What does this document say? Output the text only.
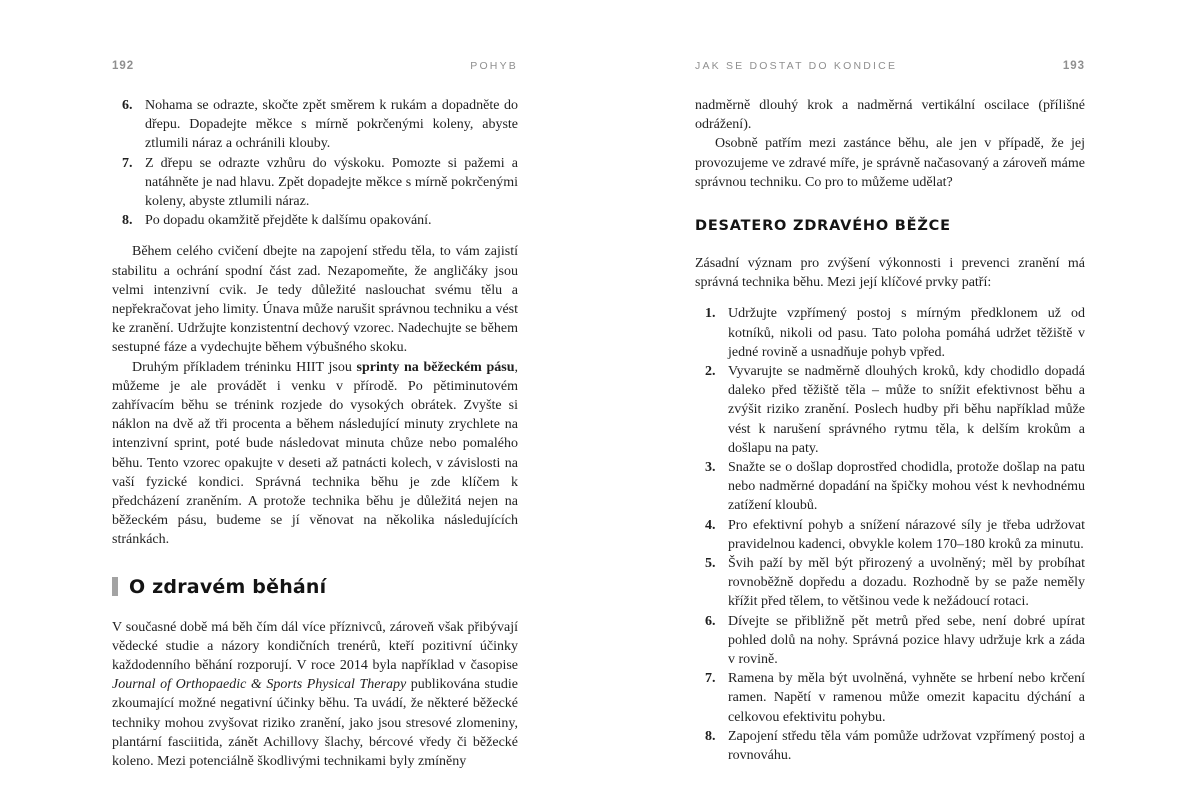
192	POHYB
6. Nohama se odrazte, skočte zpět směrem k rukám a dopadněte do dřepu. Dopadejte měkce s mírně pokrčenými koleny, abyste ztlumili náraz a ochránili klouby.
7. Z dřepu se odrazte vzhůru do výskoku. Pomozte si pažemi a natáhněte je nad hlavu. Zpět dopadejte měkce s mírně pokrčenými koleny, abyste ztlumili náraz.
8. Po dopadu okamžitě přejděte k dalšímu opakování.

Během celého cvičení dbejte na zapojení středu těla, to vám zajistí stabilitu a ochrání spodní část zad. Nezapomeňte, že angličáky jsou velmi intenzivní cvik. Je tedy důležité naslouchat svému tělu a nepřekračovat jeho limity. Únava může narušit správnou techniku a vést ke zranění. Udržujte konzistentní dechový vzorec. Nadechujte se během sestupné fáze a vydechujte během výbušného skoku.

Druhým příkladem tréninku HIIT jsou sprinty na běžeckém pásu, můžeme je ale provádět i venku v přírodě. Po pětiminutovém zahřívacím běhu se trénink rozjede do vysokých obrátek. Zvyšte si náklon na dvě až tři procenta a během následující minuty zrychlete na intenzivní sprint, poté bude následovat minuta chůze nebo pomalého běhu. Tento vzorec opakujte v deseti až patnácti kolech, v závislosti na vaší fyzické kondici. Správná technika běhu je zde klíčem k předcházení zraněním. A protože technika běhu je důležitá nejen na běžeckém pásu, budeme se jí věnovat na několika následujících stránkách.

O zdravém běhání

V současné době má běh čím dál více příznivců, zároveň však přibývají vědecké studie a názory kondičních trenérů, kteří pozitivní účinky každodenního běhání rozporují. V roce 2014 byla například v časopise Journal of Orthopaedic & Sports Physical Therapy publikována studie zkoumající možné negativní účinky běhu. Ta uvádí, že některé běžecké techniky mohou zvyšovat riziko zranění, jako jsou stresové zlomeniny, plantární fasciitida, zánět Achillovy šlachy, bércové vředy či běžecké koleno. Mezi potenciálně škodlivými technikami byly zmíněny

JAK SE DOSTAT DO KONDICE	193

nadměrně dlouhý krok a nadměrná vertikální oscilace (přílišné odrážení).

Osobně patřím mezi zastánce běhu, ale jen v případě, že jej provozujeme ve zdravé míře, je správně načasovaný a zároveň máme správnou techniku. Co pro to můžeme udělat?

DESATERO ZDRAVÉHO BĚŽCE

Zásadní význam pro zvýšení výkonnosti i prevenci zranění má správná technika běhu. Mezi její klíčové prvky patří:

1. Udržujte vzpřímený postoj s mírným předklonem už od kotníků, nikoli od pasu. Tato poloha pomáhá udržet těžiště v jedné rovině a usnadňuje pohyb vpřed.
2. Vyvarujte se nadměrně dlouhých kroků, kdy chodidlo dopadá daleko před těžiště těla – může to snížit efektivnost běhu a zvýšit riziko zranění. Poslech hudby při běhu například může vést k narušení správného rytmu těla, k delším krokům a došlapu na paty.
3. Snažte se o došlap doprostřed chodidla, protože došlap na patu nebo nadměrné dopadání na špičky mohou vést k nevhodnému zatížení kloubů.
4. Pro efektivní pohyb a snížení nárazové síly je třeba udržovat pravidelnou kadenci, obvykle kolem 170–180 kroků za minutu.
5. Švih paží by měl být přirozený a uvolněný; měl by probíhat rovnoběžně dopředu a dozadu. Rozhodně by se paže neměly křížit před tělem, to většinou vede k nežádoucí rotaci.
6. Dívejte se přibližně pět metrů před sebe, není dobré upírat pohled dolů na nohy. Správná pozice hlavy udržuje krk a záda v rovině.
7. Ramena by měla být uvolněná, vyhněte se hrbení nebo krčení ramen. Napětí v ramenou může omezit kapacitu dýchání a celkovou efektivitu pohybu.
8. Zapojení středu těla vám pomůže udržovat vzpřímený postoj a rovnováhu.
